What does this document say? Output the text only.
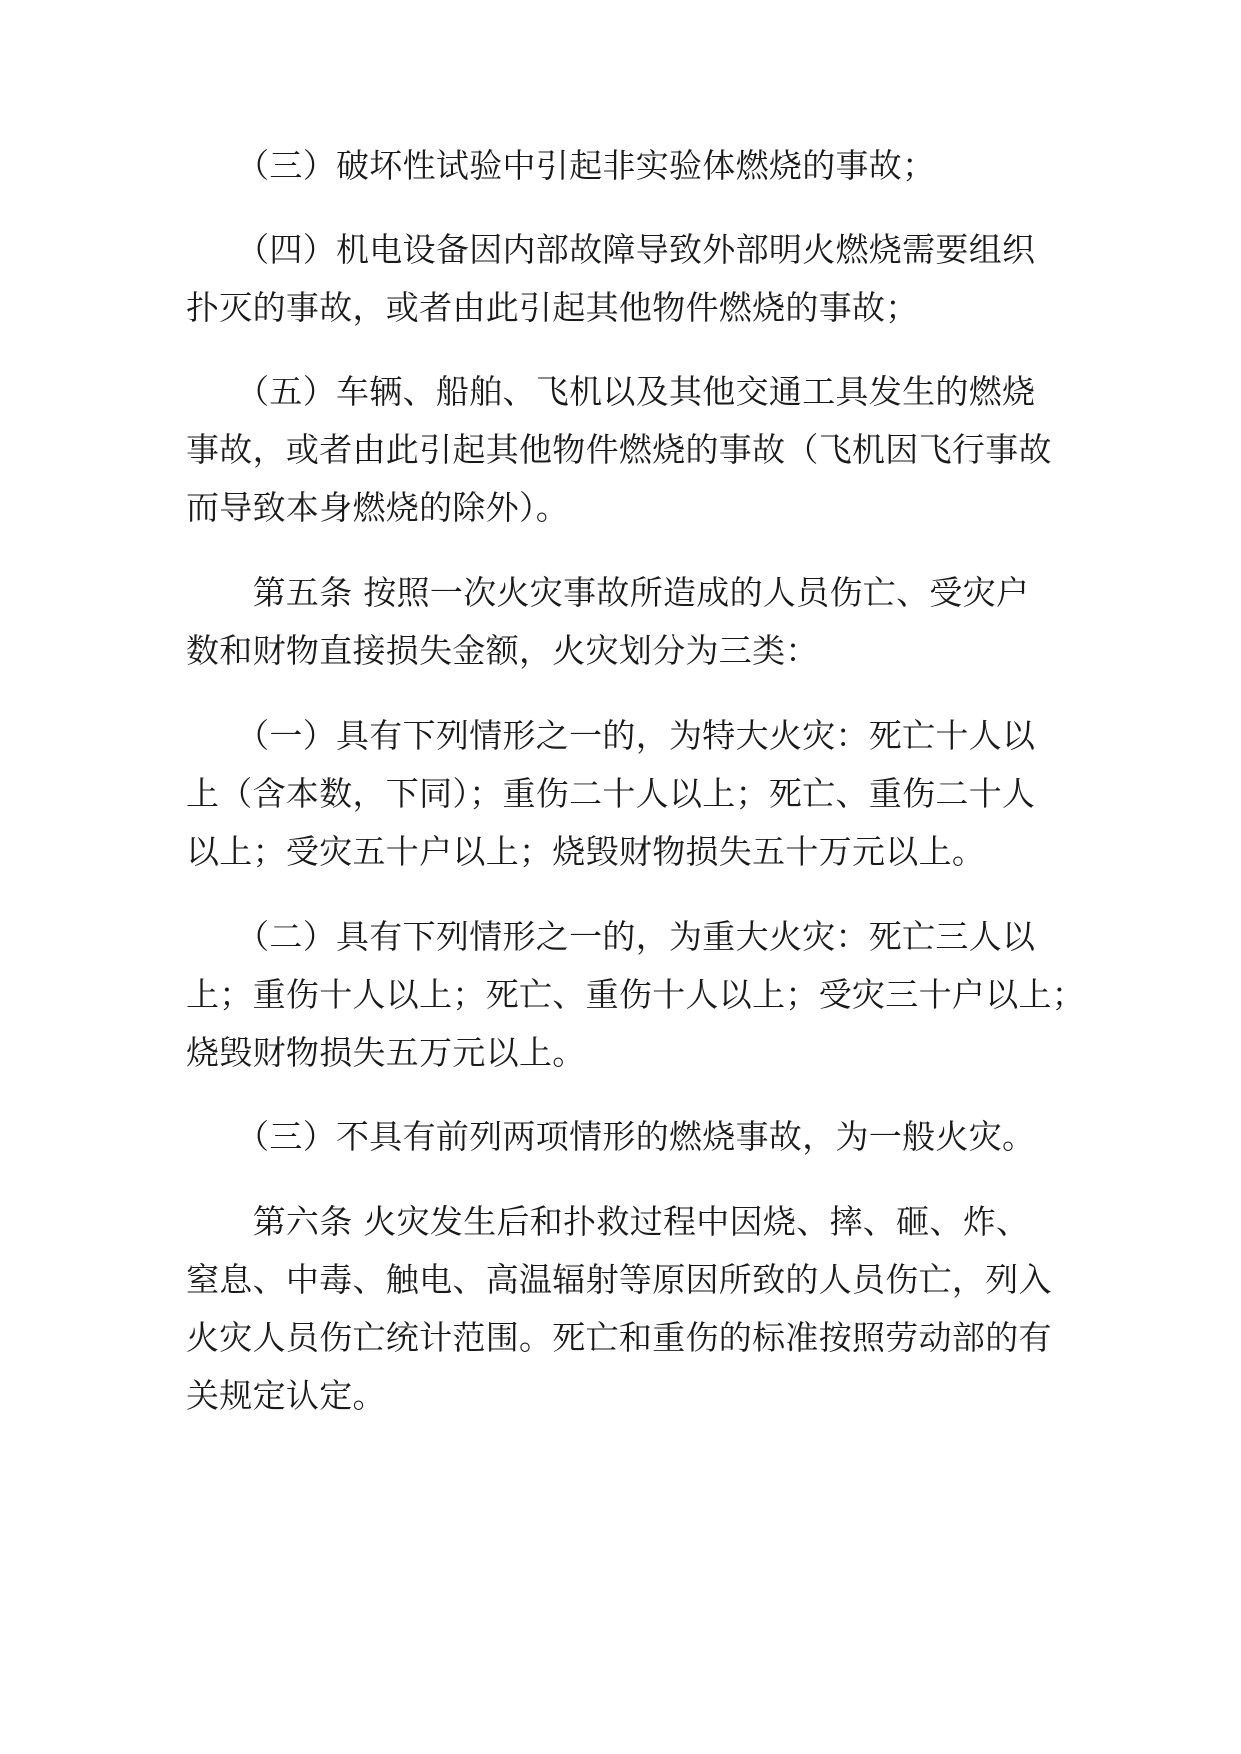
　　（三）破坏性试验中引起非实验体燃烧的事故；
　　（四）机电设备因内部故障导致外部明火燃烧需要组织
扑灭的事故，或者由此引起其他物件燃烧的事故；
　　（五）车辆、船舶、飞机以及其他交通工具发生的燃烧
事故，或者由此引起其他物件燃烧的事故（飞机因飞行事故
而导致本身燃烧的除外）。
　　第五条 按照一次火灾事故所造成的人员伤亡、受灾户
数和财物直接损失金额，火灾划分为三类：
　　（一）具有下列情形之一的，为特大火灾：死亡十人以
上（含本数，下同）；重伤二十人以上；死亡、重伤二十人
以上；受灾五十户以上；烧毁财物损失五十万元以上。
　　（二）具有下列情形之一的，为重大火灾：死亡三人以
上；重伤十人以上；死亡、重伤十人以上；受灾三十户以上；
烧毁财物损失五万元以上。
　　（三）不具有前列两项情形的燃烧事故，为一般火灾。
　　第六条 火灾发生后和扑救过程中因烧、摔、砸、炸、
窒息、中毒、触电、高温辐射等原因所致的人员伤亡，列入
火灾人员伤亡统计范围。死亡和重伤的标准按照劳动部的有
关规定认定。
